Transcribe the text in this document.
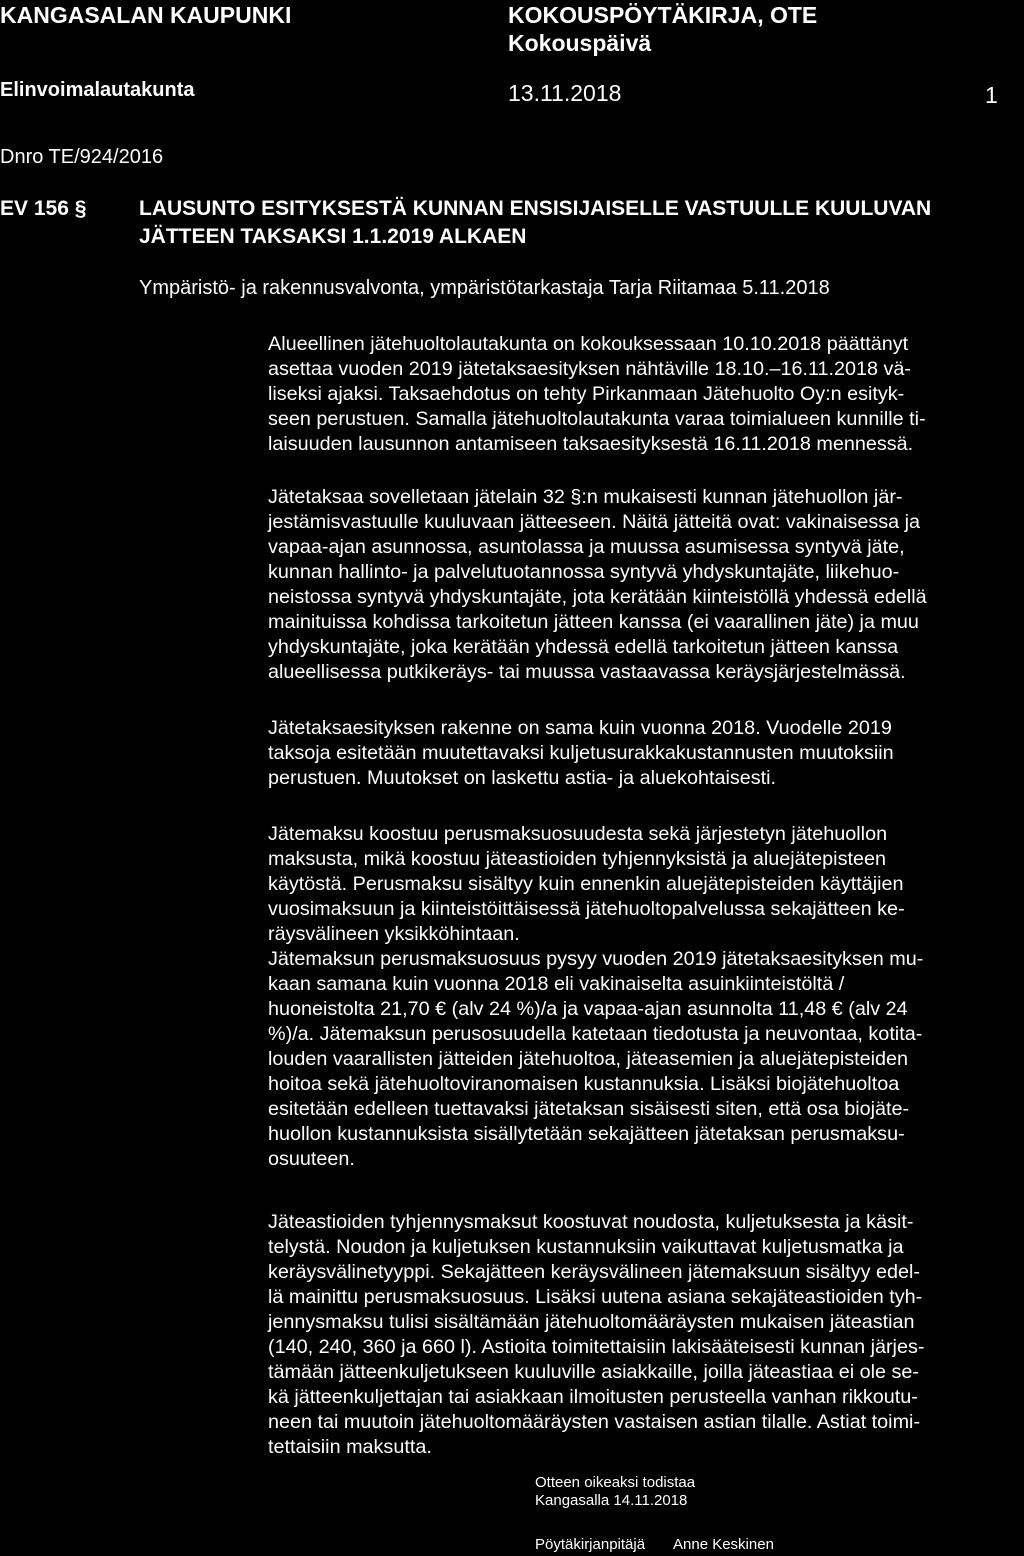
KANGASALAN KAUPUNKI	KOKOUSPÖYTÄKIRJA, OTE
Kokouspäivä
Elinvoimalautakunta	13.11.2018	1
Dnro TE/924/2016
EV 156 §	LAUSUNTO ESITYKSESTÄ KUNNAN ENSISIJAISELLE VASTUULLE KUULUVAN
JÄTTEEN TAKSAKSI 1.1.2019 ALKAEN
Ympäristö- ja rakennusvalvonta, ympäristötarkastaja Tarja Riitamaa 5.11.2018

Alueellinen jätehuoltolautakunta on kokouksessaan 10.10.2018 päättänyt

asettaa vuoden 2019 jätetaksaesityksen nähtäville 18.10.–16.11.2018 vä-

liseksi ajaksi. Taksaehdotus on tehty Pirkanmaan Jätehuolto Oy:n esityk-

seen perustuen. Samalla jätehuoltolautakunta varaa toimialueen kunnille ti-

laisuuden lausunnon antamiseen taksaesityksestä 16.11.2018 mennessä.

Jätetaksaa sovelletaan jätelain 32 §:n mukaisesti kunnan jätehuollon jär-

jestämisvastuulle kuuluvaan jätteeseen. Näitä jätteitä ovat: vakinaisessa ja

vapaa-ajan asunnossa, asuntolassa ja muussa asumisessa syntyvä jäte,

kunnan hallinto- ja palvelutuotannossa syntyvä yhdyskuntajäte, liikehuo-

neistossa syntyvä yhdyskuntajäte, jota kerätään kiinteistöllä yhdessä edellä

mainituissa kohdissa tarkoitetun jätteen kanssa (ei vaarallinen jäte) ja muu

yhdyskuntajäte, joka kerätään yhdessä edellä tarkoitetun jätteen kanssa

alueellisessa putkikeräys- tai muussa vastaavassa keräysjärjestelmässä.

Jätetaksaesityksen rakenne on sama kuin vuonna 2018. Vuodelle 2019

taksoja esitetään muutettavaksi kuljetusurakkakustannusten muutoksiin

perustuen. Muutokset on laskettu astia- ja aluekohtaisesti.

Jätemaksu koostuu perusmaksuosuudesta sekä järjestetyn jätehuollon

maksusta, mikä koostuu jäteastioiden tyhjennyksistä ja aluejätepisteen

käytöstä. Perusmaksu sisältyy kuin ennenkin aluejätepisteiden käyttäjien

vuosimaksuun ja kiinteistöittäisessä jätehuoltopalvelussa sekajätteen ke-

räysvälineen yksikköhintaan.

Jätemaksun perusmaksuosuus pysyy vuoden 2019 jätetaksaesityksen mu-

kaan samana kuin vuonna 2018 eli vakinaiselta asuinkiinteistöltä /

huoneistolta 21,70 € (alv 24 %)/a ja vapaa-ajan asunnolta 11,48 € (alv 24

%)/a. Jätemaksun perusosuudella katetaan tiedotusta ja neuvontaa, kotita-

louden vaarallisten jätteiden jätehuoltoa, jäteasemien ja aluejätepisteiden

hoitoa sekä jätehuoltoviranomaisen kustannuksia. Lisäksi biojätehuoltoa

esitetään edelleen tuettavaksi jätetaksan sisäisesti siten, että osa biojäte-

huollon kustannuksista sisällytetään sekajätteen jätetaksan perusmaksu-

osuuteen.

Jäteastioiden tyhjennysmaksut koostuvat noudosta, kuljetuksesta ja käsit-

telystä. Noudon ja kuljetuksen kustannuksiin vaikuttavat kuljetusmatka ja

keräysvälinetyyppi. Sekajätteen keräysvälineen jätemaksuun sisältyy edel-

lä mainittu perusmaksuosuus. Lisäksi uutena asiana sekajäteastioiden tyh-

jennysmaksu tulisi sisältämään jätehuoltomääräysten mukaisen jäteastian

(140, 240, 360 ja 660 l). Astioita toimitettaisiin lakisääteisesti kunnan järjes-

tämään jätteenkuljetukseen kuuluville asiakkaille, joilla jäteastiaa ei ole se-

kä jätteenkuljettajan tai asiakkaan ilmoitusten perusteella vanhan rikkoutu-

neen tai muutoin jätehuoltomääräysten vastaisen astian tilalle. Astiat toimi-

tettaisiin maksutta.

Otteen oikeaksi todistaa
Kangasalla 14.11.2018
Pöytäkirjanpitäjä Anne Keskinen
